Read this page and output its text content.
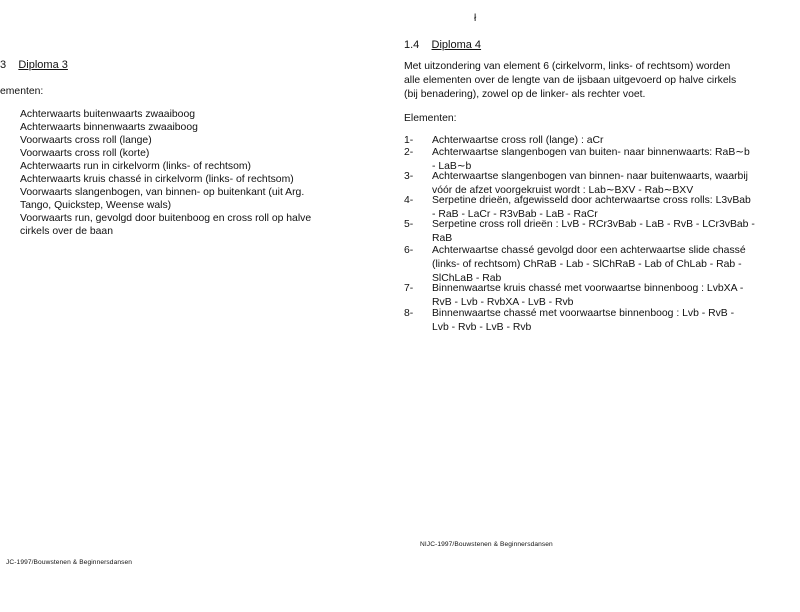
3 Diploma 3
ementen:
Achterwaarts buitenwaarts zwaaiboog
Achterwaarts binnenwaarts zwaaiboog
Voorwaarts cross roll (lange)
Voorwaarts cross roll (korte)
Achterwaarts run in cirkelvorm (links- of rechtsom)
Achterwaarts kruis chassé in cirkelvorm (links- of rechtsom)
Voorwaarts slangenbogen, van binnen- op buitenkant (uit Arg.
Tango, Quickstep, Weense wals)
Voorwaarts run, gevolgd door buitenboog en cross roll op halve
cirkels over de baan
JC-1997/Bouwstenen & Beginnersdansen
ł
1.4 Diploma 4
Met uitzondering van element 6 (cirkelvorm, links- of rechtsom) worden
alle elementen over de lengte van de ijsbaan uitgevoerd op halve cirkels
(bij benadering), zowel op de linker- als rechter voet.
Elementen:
1- Achterwaartse cross roll (lange) : aCr
2- Achterwaartse slangenbogen van buiten- naar binnenwaarts: RaB∼b
- LaB∼b
3- Achterwaartse slangenbogen van binnen- naar buitenwaarts, waarbij
vóór de afzet voorgekruist wordt : Lab∼BXV - Rab∼BXV
4- Serpetine drieën, afgewisseld door achterwaartse cross rolls: L3vBab
- RaB - LaCr - R3vBab - LaB - RaCr
5- Serpetine cross roll drieën : LvB - RCr3vBab - LaB - RvB - LCr3vBab -
RaB
6- Achterwaartse chassé gevolgd door een achterwaartse slide chassé
(links- of rechtsom) ChRaB - Lab - SlChRaB - Lab of ChLab - Rab -
SlChLaB - Rab
7- Binnenwaartse kruis chassé met voorwaartse binnenboog : LvbXA -
RvB - Lvb - RvbXA - LvB - Rvb
8- Binnenwaartse chassé met voorwaartse binnenboog : Lvb - RvB -
Lvb - Rvb - LvB - Rvb
NIJC-1997/Bouwstenen & Beginnersdansen
